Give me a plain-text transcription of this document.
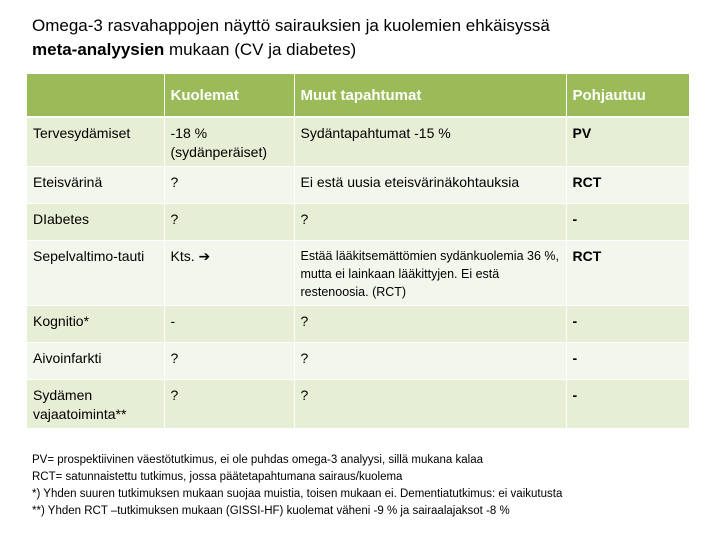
Omega-3 rasvahappojen näyttö sairauksien ja kuolemien ehkäisyssä
meta-analyysien mukaan (CV ja diabetes)
	Kuolemat	Muut tapahtumat	Pohjautuu
Tervesydämiset	-18 % (sydänperäiset)	Sydäntapahtumat -15 %	PV
Eteisvärinä	?	Ei estä uusia eteisvärinäkohtauksia	RCT
DIabetes	?	?	-
Sepelvaltimo-tauti	Kts. ➔	Estää lääkitsemättömien sydänkuolemia 36 %, mutta ei lainkaan lääkittyjen. Ei estä restenoosia. (RCT)	RCT
Kognitio*	-	?	-
Aivoinfarkti	?	?	-
Sydämen vajaatoiminta**	?	?	-
PV= prospektiivinen väestötutkimus, ei ole puhdas omega-3 analyysi, sillä mukana kalaa
RCT= satunnaistettu tutkimus, jossa päätetapahtumana sairaus/kuolema
*) Yhden suuren tutkimuksen mukaan suojaa muistia, toisen mukaan ei. Dementiatutkimus: ei vaikutusta
**) Yhden RCT –tutkimuksen mukaan (GISSI-HF) kuolemat väheni -9 % ja sairaalajaksot -8 %
